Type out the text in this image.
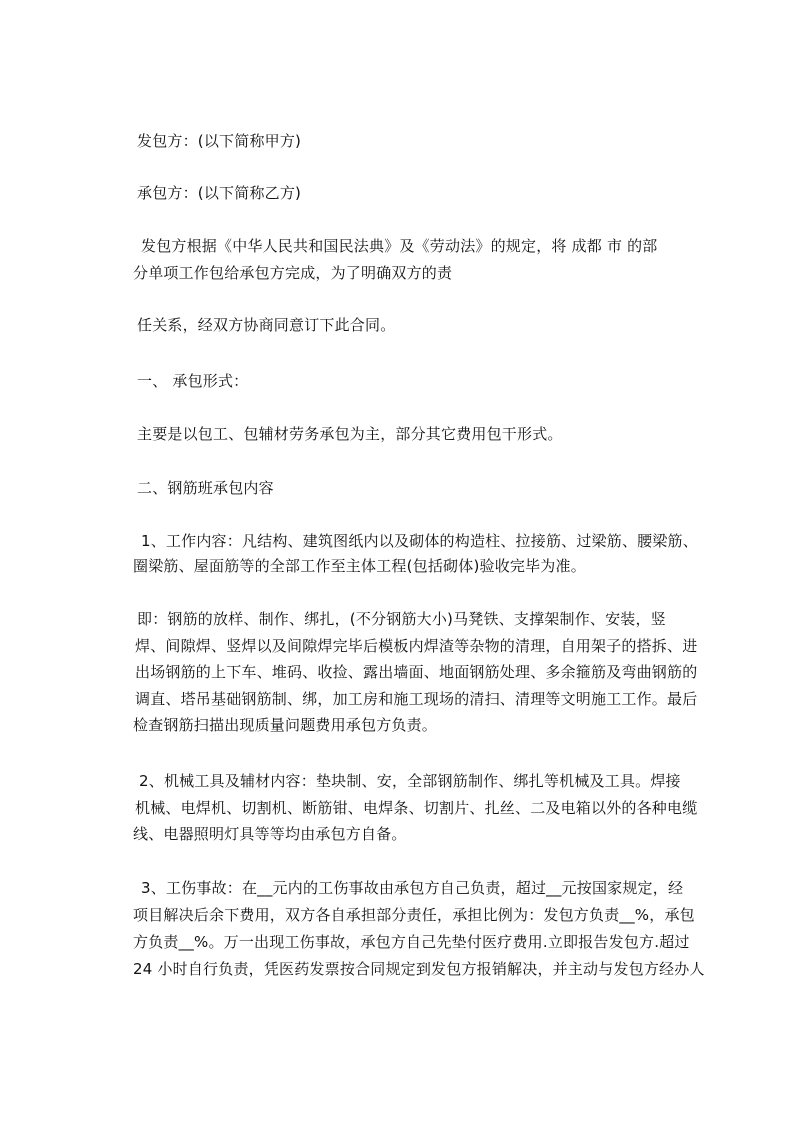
发包方：(以下简称甲方)
承包方：(以下简称乙方)
发包方根据《中华人民共和国民法典》及《劳动法》的规定，将 成都 市 的部
分单项工作包给承包方完成，为了明确双方的责
任关系，经双方协商同意订下此合同。
一、 承包形式：
主要是以包工、包辅材劳务承包为主，部分其它费用包干形式。
二、钢筋班承包内容
1、工作内容：凡结构、建筑图纸内以及砌体的构造柱、拉接筋、过梁筋、腰梁筋、
圈梁筋、屋面筋等的全部工作至主体工程(包括砌体)验收完毕为准。
即：钢筋的放样、制作、绑扎，(不分钢筋大小)马凳铁、支撑架制作、安装，竖
焊、间隙焊、竖焊以及间隙焊完毕后模板内焊渣等杂物的清理，自用架子的搭拆、进
出场钢筋的上下车、堆码、收捡、露出墙面、地面钢筋处理、多余箍筋及弯曲钢筋的
调直、塔吊基础钢筋制、绑，加工房和施工现场的清扫、清理等文明施工工作。最后
检查钢筋扫描出现质量问题费用承包方负责。
2、机械工具及辅材内容：垫块制、安，全部钢筋制作、绑扎等机械及工具。焊接
机械、电焊机、切割机、断筋钳、电焊条、切割片、扎丝、二及电箱以外的各种电缆
线、电器照明灯具等等均由承包方自备。
3、工伤事故：在__元内的工伤事故由承包方自己负责，超过__元按国家规定，经
项目解决后余下费用，双方各自承担部分责任，承担比例为：发包方负责__%，承包
方负责__%。万一出现工伤事故，承包方自己先垫付医疗费用.立即报告发包方.超过
24 小时自行负责，凭医药发票按合同规定到发包方报销解决，并主动与发包方经办人
